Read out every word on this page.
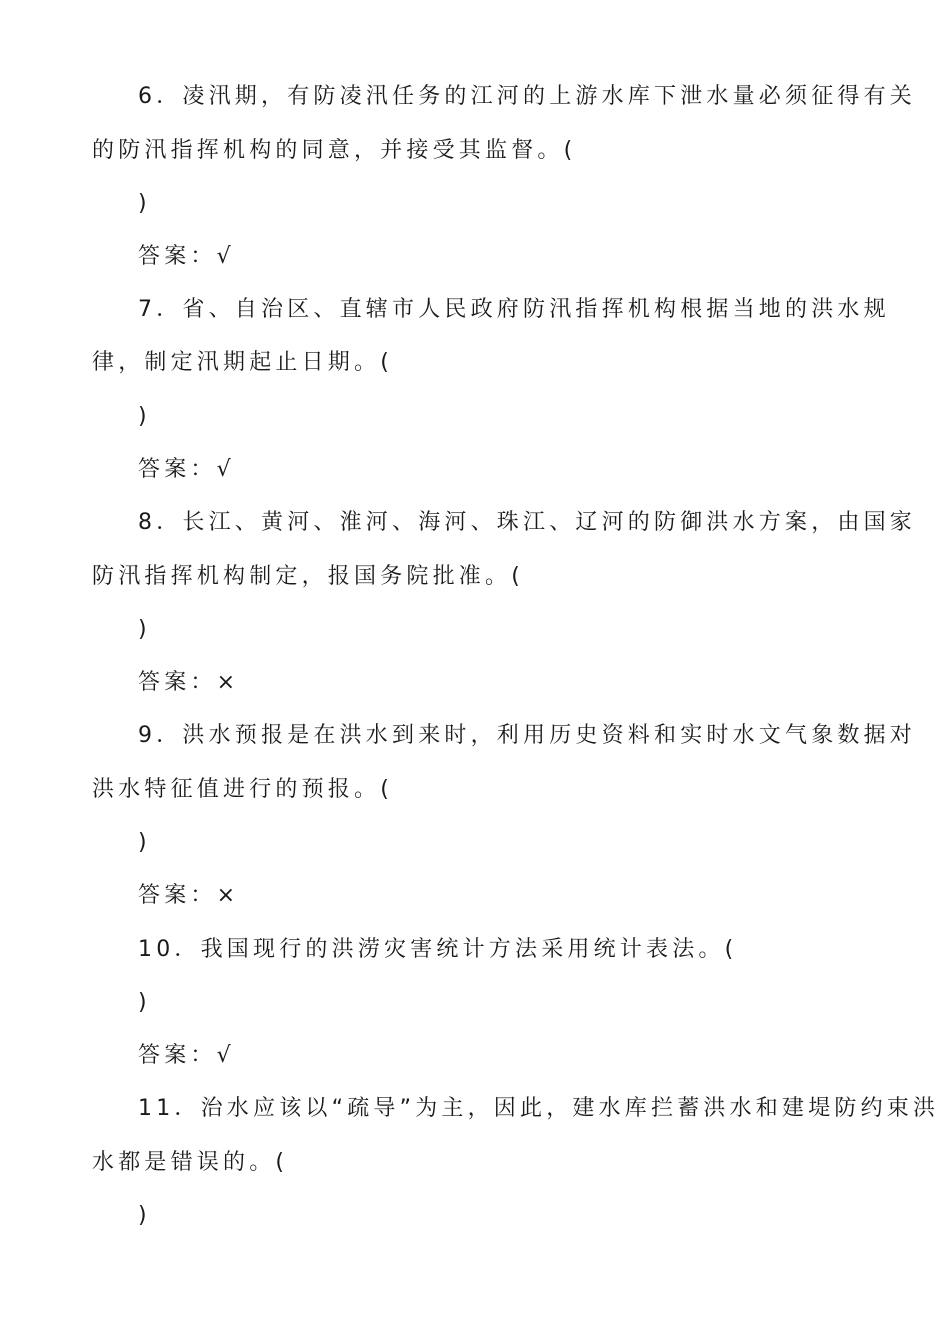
6．凌汛期，有防凌汛任务的江河的上游水库下泄水量必须征得有关
的防汛指挥机构的同意，并接受其监督。(
)
答案：√
7．省、自治区、直辖市人民政府防汛指挥机构根据当地的洪水规
律，制定汛期起止日期。(
)
答案：√
8．长江、黄河、淮河、海河、珠江、辽河的防御洪水方案，由国家
防汛指挥机构制定，报国务院批准。(
)
答案：×
9．洪水预报是在洪水到来时，利用历史资料和实时水文气象数据对
洪水特征值进行的预报。(
)
答案：×
10．我国现行的洪涝灾害统计方法采用统计表法。(
)
答案：√
11．治水应该以“疏导”为主，因此，建水库拦蓄洪水和建堤防约束洪
水都是错误的。(
)
